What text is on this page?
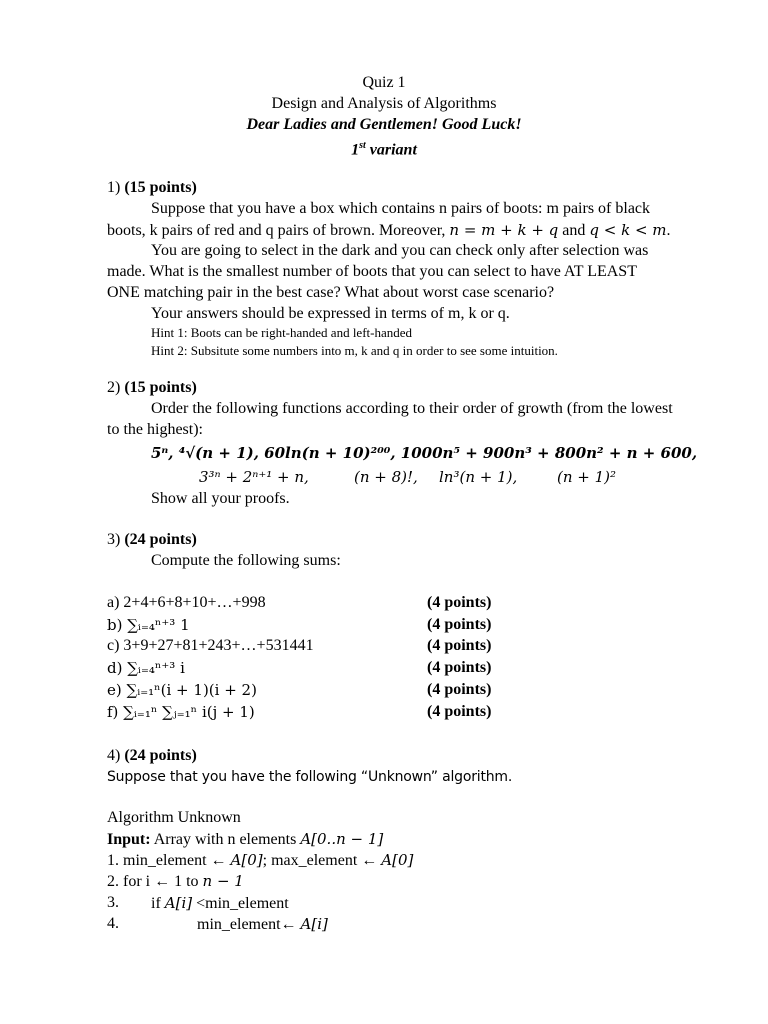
Quiz 1
Design and Analysis of Algorithms
Dear Ladies and Gentlemen! Good Luck!
1st variant
1) (15 points)
Suppose that you have a box which contains n pairs of boots: m pairs of black
boots, k pairs of red and q pairs of brown. Moreover, n = m + k + q and q < k < m.
You are going to select in the dark and you can check only after selection was
made. What is the smallest number of boots that you can select to have AT LEAST
ONE matching pair in the best case? What about worst case scenario?
Your answers should be expressed in terms of m, k or q.
Hint 1: Boots can be right-handed and left-handed
Hint 2: Subsitute some numbers into m, k and q in order to see some intuition.
2) (15 points)
Order the following functions according to their order of growth (from the lowest
to the highest):
5ⁿ, ⁴√(n + 1), 60ln(n + 10)²⁰⁰, 1000n⁵ + 900n³ + 800n² + n + 600,
3³ⁿ + 2ⁿ⁺¹ + n,	(n + 8)!, ln³(n + 1),	(n + 1)²
Show all your proofs.
3) (24 points)
Compute the following sums:
a) 2+4+6+8+10+…+998	(4 points)
b) ∑ᵢ₌₄ⁿ⁺³ 1	(4 points)
c) 3+9+27+81+243+…+531441	(4 points)
d) ∑ᵢ₌₄ⁿ⁺³ i	(4 points)
e) ∑ᵢ₌₁ⁿ(i + 1)(i + 2)	(4 points)
f) ∑ᵢ₌₁ⁿ ∑ⱼ₌₁ⁿ i(j + 1)	(4 points)
4) (24 points)
Suppose that you have the following “Unknown” algorithm.
Algorithm Unknown
Input: Array with n elements A[0..n − 1]
1. min_element ← A[0]; max_element ← A[0]
2. for i ← 1 to n − 1
3. if A[i] <min_element
4.	min_element← A[i]
